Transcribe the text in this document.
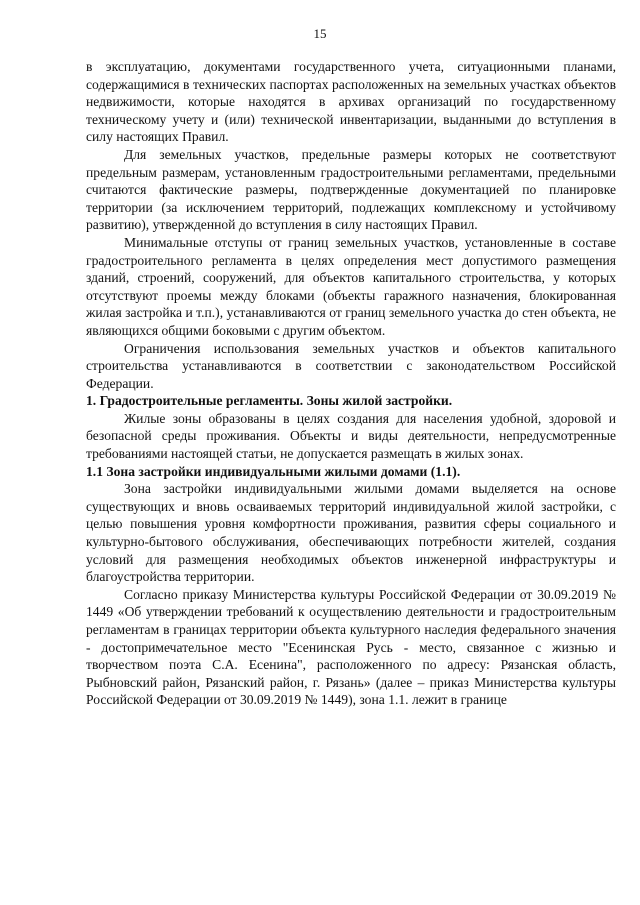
15

в эксплуатацию, документами государственного учета, ситуационными планами, содержащимися в технических паспортах расположенных на земельных участках объектов недвижимости, которые находятся в архивах организаций по государственному техническому учету и (или) технической инвентаризации, выданными до вступления в силу настоящих Правил.

Для земельных участков, предельные размеры которых не соответствуют предельным размерам, установленным градостроительными регламентами, предельными считаются фактические размеры, подтвержденные документацией по планировке территории (за исключением территорий, подлежащих комплексному и устойчивому развитию), утвержденной до вступления в силу настоящих Правил.

Минимальные отступы от границ земельных участков, установленные в составе градостроительного регламента в целях определения мест допустимого размещения зданий, строений, сооружений, для объектов капитального строительства, у которых отсутствуют проемы между блоками (объекты гаражного назначения, блокированная жилая застройка и т.п.), устанавливаются от границ земельного участка до стен объекта, не являющихся общими боковыми с другим объектом.

Ограничения использования земельных участков и объектов капитального строительства устанавливаются в соответствии с законодательством Российской Федерации.

1. Градостроительные регламенты. Зоны жилой застройки.

Жилые зоны образованы в целях создания для населения удобной, здоровой и безопасной среды проживания. Объекты и виды деятельности, непредусмотренные требованиями настоящей статьи, не допускается размещать в жилых зонах.

1.1 Зона застройки индивидуальными жилыми домами (1.1).

Зона застройки индивидуальными жилыми домами выделяется на основе существующих и вновь осваиваемых территорий индивидуальной жилой застройки, с целью повышения уровня комфортности проживания, развития сферы социального и культурно-бытового обслуживания, обеспечивающих потребности жителей, создания условий для размещения необходимых объектов инженерной инфраструктуры и благоустройства территории.

Согласно приказу Министерства культуры Российской Федерации от 30.09.2019 № 1449 «Об утверждении требований к осуществлению деятельности и градостроительным регламентам в границах территории объекта культурного наследия федерального значения - достопримечательное место "Есенинская Русь - место, связанное с жизнью и творчеством поэта С.А. Есенина", расположенного по адресу: Рязанская область, Рыбновский район, Рязанский район, г. Рязань» (далее – приказ Министерства культуры Российской Федерации от 30.09.2019 № 1449), зона 1.1. лежит в границе
